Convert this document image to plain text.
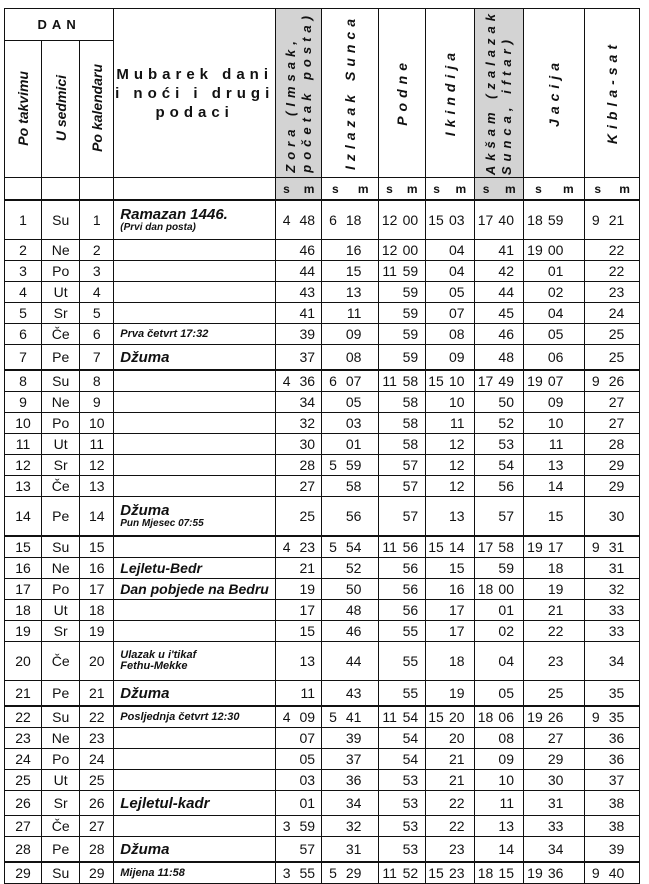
DAN			Mubarek dani
i noći i drugi
podaci	Zora (Imsak,
početak posta)	Izlazak Sunca	Podne	Ikindija	Akšam (zalazak
Sunca, iftar)	Jacija	Kibla-sat
Po takvimu	U sedmici	Po kalendaru								

				s m	s m	s m	s m	s m	s m	s m

1	Su	1	Ramazan 1446.
(Prvi dan posta)	4 48	6 18	12 00	15 03	17 40	18 59	9 21
2	Ne	2		46	16	12 00	04	41	19 00	22
3	Po	3		44	15	11 59	04	42	01	22
4	Ut	4		43	13	59	05	44	02	23
5	Sr	5		41	11	59	07	45	04	24
6	Če	6	Prva četvrt 17:32	39	09	59	08	46	05	25
7	Pe	7	Džuma	37	08	59	09	48	06	25
8	Su	8		4 36	6 07	11 58	15 10	17 49	19 07	9 26
9	Ne	9		34	05	58	10	50	09	27
10	Po	10		32	03	58	11	52	10	27
11	Ut	11		30	01	58	12	53	11	28
12	Sr	12		28	5 59	57	12	54	13	29
13	Če	13		27	58	57	12	56	14	29
14	Pe	14	Džuma
Pun Mjesec 07:55	25	56	57	13	57	15	30
15	Su	15		4 23	5 54	11 56	15 14	17 58	19 17	9 31
16	Ne	16	Lejletu-Bedr	21	52	56	15	59	18	31
17	Po	17	Dan pobjede na Bedru	19	50	56	16	18 00	19	32
18	Ut	18		17	48	56	17	01	21	33
19	Sr	19		15	46	55	17	02	22	33
20	Če	20	Ulazak u i'tikaf
Fethu-Mekke	13	44	55	18	04	23	34
21	Pe	21	Džuma	11	43	55	19	05	25	35
22	Su	22	Posljednja četvrt 12:30	4 09	5 41	11 54	15 20	18 06	19 26	9 35
23	Ne	23		07	39	54	20	08	27	36
24	Po	24		05	37	54	21	09	29	36
25	Ut	25		03	36	53	21	10	30	37
26	Sr	26	Lejletul-kadr	01	34	53	22	11	31	38
27	Če	27		3 59	32	53	22	13	33	38
28	Pe	28	Džuma	57	31	53	23	14	34	39
29	Su	29	Mijena 11:58	3 55	5 29	11 52	15 23	18 15	19 36	9 40
